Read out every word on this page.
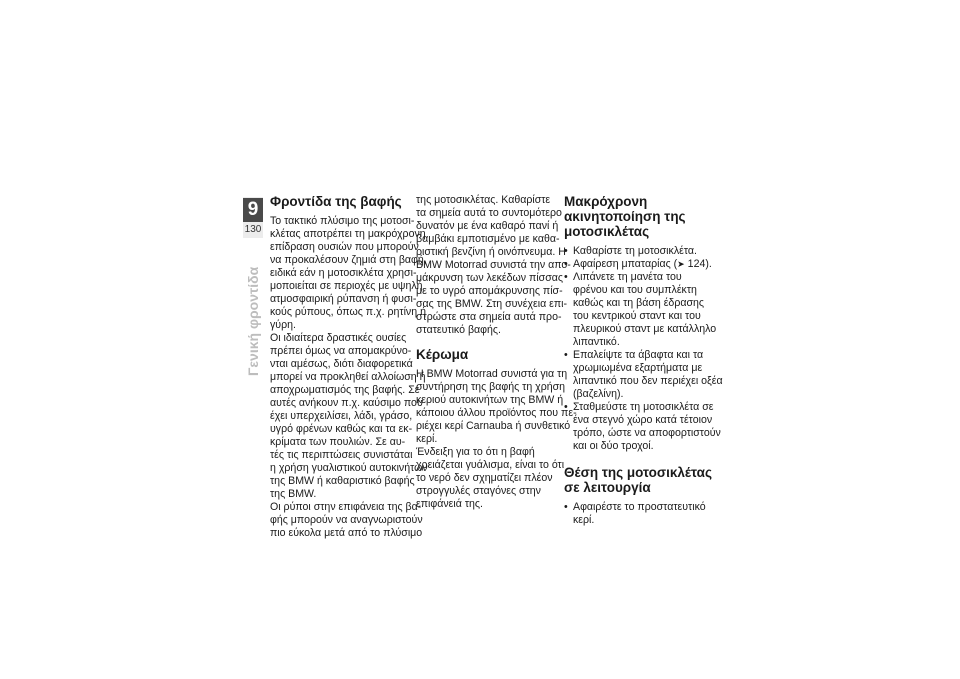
9
130
Γενική φροντίδα
Φροντίδα της βαφής

Το τακτικό πλύσιμο της μοτοσι-
κλέτας αποτρέπει τη μακρόχρονη
επίδραση ουσιών που μπορούν
να προκαλέσουν ζημιά στη βαφή,
ειδικά εάν η μοτοσικλέτα χρησι-
μοποιείται σε περιοχές με υψηλή
ατμοσφαιρική ρύπανση ή φυσι-
κούς ρύπους, όπως π.χ. ρητίνη ή
γύρη.
Οι ιδιαίτερα δραστικές ουσίες
πρέπει όμως να απομακρύνο-
νται αμέσως, διότι διαφορετικά
μπορεί να προκληθεί αλλοίωση ή
αποχρωματισμός της βαφής. Σε
αυτές ανήκουν π.χ. καύσιμο που
έχει υπερχειλίσει, λάδι, γράσο,
υγρό φρένων καθώς και τα εκ-
κρίματα των πουλιών. Σε αυ-
τές τις περιπτώσεις συνιστάται
η χρήση γυαλιστικού αυτοκινήτων
της BMW ή καθαριστικό βαφής
της BMW.
Οι ρύποι στην επιφάνεια της βα-
φής μπορούν να αναγνωριστούν
πιο εύκολα μετά από το πλύσιμο

της μοτοσικλέτας. Καθαρίστε
τα σημεία αυτά το συντομότερο
δυνατόν με ένα καθαρό πανί ή
βαμβάκι εμποτισμένο με καθα-
ριστική βενζίνη ή οινόπνευμα. Η
BMW Motorrad συνιστά την απο-
μάκρυνση των λεκέδων πίσσας
με το υγρό απομάκρυνσης πίσ-
σας της BMW. Στη συνέχεια επι-
στρώστε στα σημεία αυτά προ-
στατευτικό βαφής.

Κέρωμα

Η BMW Motorrad συνιστά για τη
συντήρηση της βαφής τη χρήση
κεριού αυτοκινήτων της BMW ή
κάποιου άλλου προϊόντος που πε-
ριέχει κερί Carnauba ή συνθετικό
κερί.
Ένδειξη για το ότι η βαφή
χρειάζεται γυάλισμα, είναι το ότι
το νερό δεν σχηματίζει πλέον
στρογγυλές σταγόνες στην
επιφάνειά της.

Μακρόχρονη
ακινητοποίηση της
μοτοσικλέτας
• Καθαρίστε τη μοτοσικλέτα.
• Αφαίρεση μπαταρίας (➤ 124).
• Λιπάνετε τη μανέτα του
φρένου και του συμπλέκτη
καθώς και τη βάση έδρασης
του κεντρικού σταντ και του
πλευρικού σταντ με κατάλληλο
λιπαντικό.
• Επαλείψτε τα άβαφτα και τα
χρωμιωμένα εξαρτήματα με
λιπαντικό που δεν περιέχει οξέα
(βαζελίνη).
• Σταθμεύστε τη μοτοσικλέτα σε
ένα στεγνό χώρο κατά τέτοιον
τρόπο, ώστε να αποφορτιστούν
και οι δύο τροχοί.
Θέση της μοτοσικλέτας
σε λειτουργία
• Αφαιρέστε το προστατευτικό
κερί.
